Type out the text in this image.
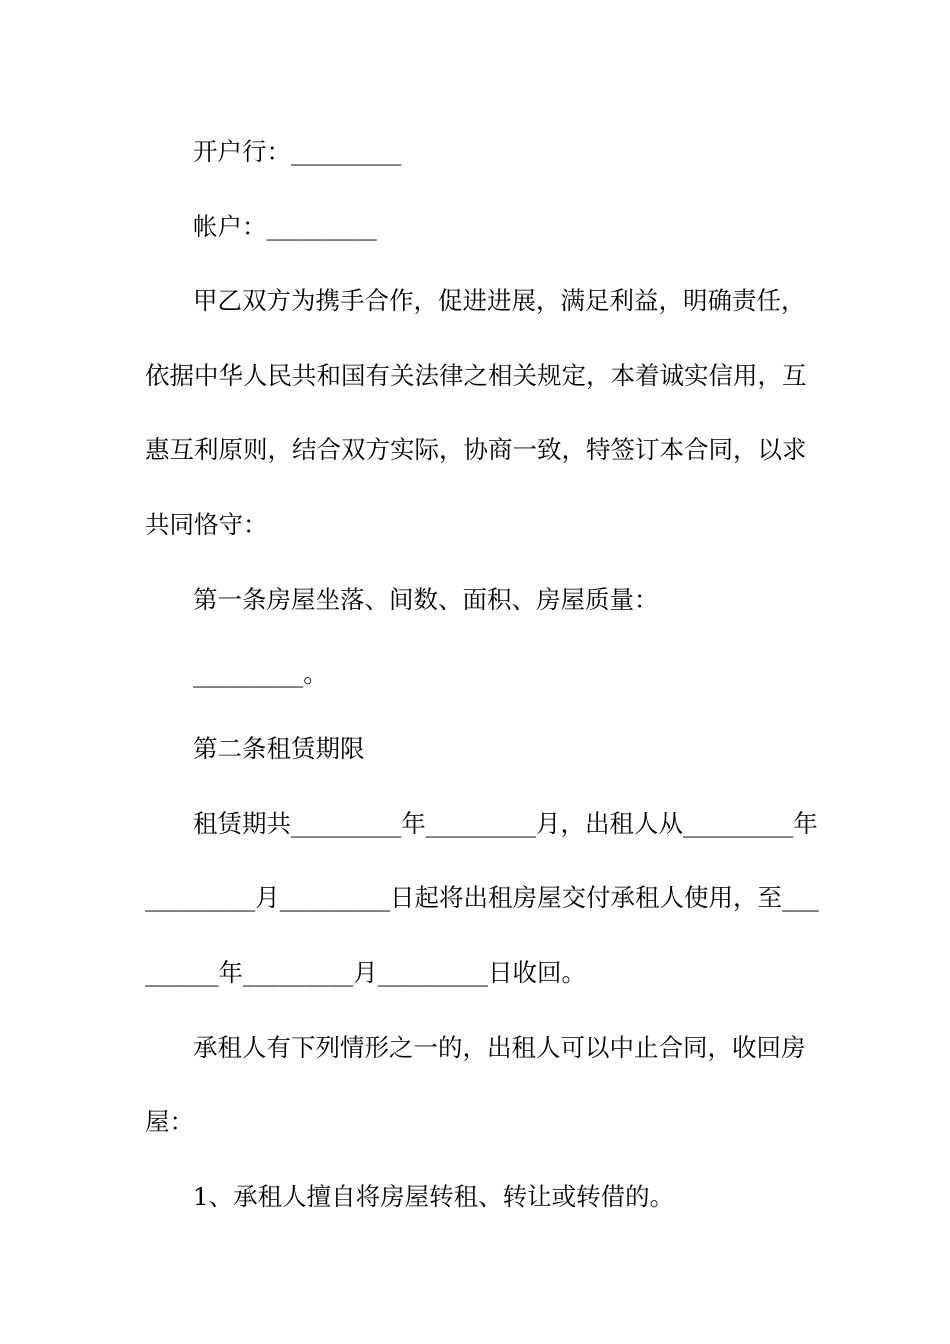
开户行：_________
帐户：_________
甲乙双方为携手合作，促进进展，满足利益，明确责任，
依据中华人民共和国有关法律之相关规定，本着诚实信用，互
惠互利原则，结合双方实际，协商一致，特签订本合同，以求
共同恪守：
第一条房屋坐落、间数、面积、房屋质量：
_________。
第二条租赁期限
租赁期共_________年_________月，出租人从_________年
_________月_________日起将出租房屋交付承租人使用，至___
______年_________月_________日收回。
承租人有下列情形之一的，出租人可以中止合同，收回房
屋：
1、承租人擅自将房屋转租、转让或转借的。
